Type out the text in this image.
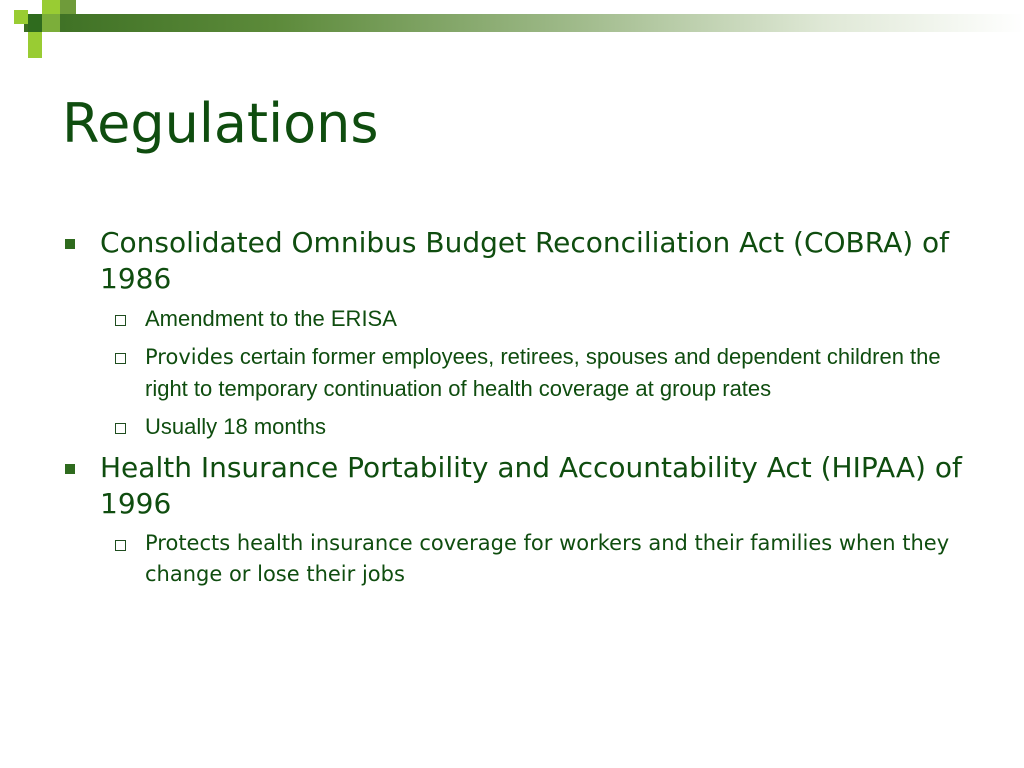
Regulations
Consolidated Omnibus Budget Reconciliation Act (COBRA) of 1986
Amendment to the ERISA
Provides certain former employees, retirees, spouses and dependent children the right to temporary continuation of health coverage at group rates
Usually 18 months
Health Insurance Portability and Accountability Act (HIPAA) of 1996
Protects health insurance coverage for workers and their families when they change or lose their jobs
